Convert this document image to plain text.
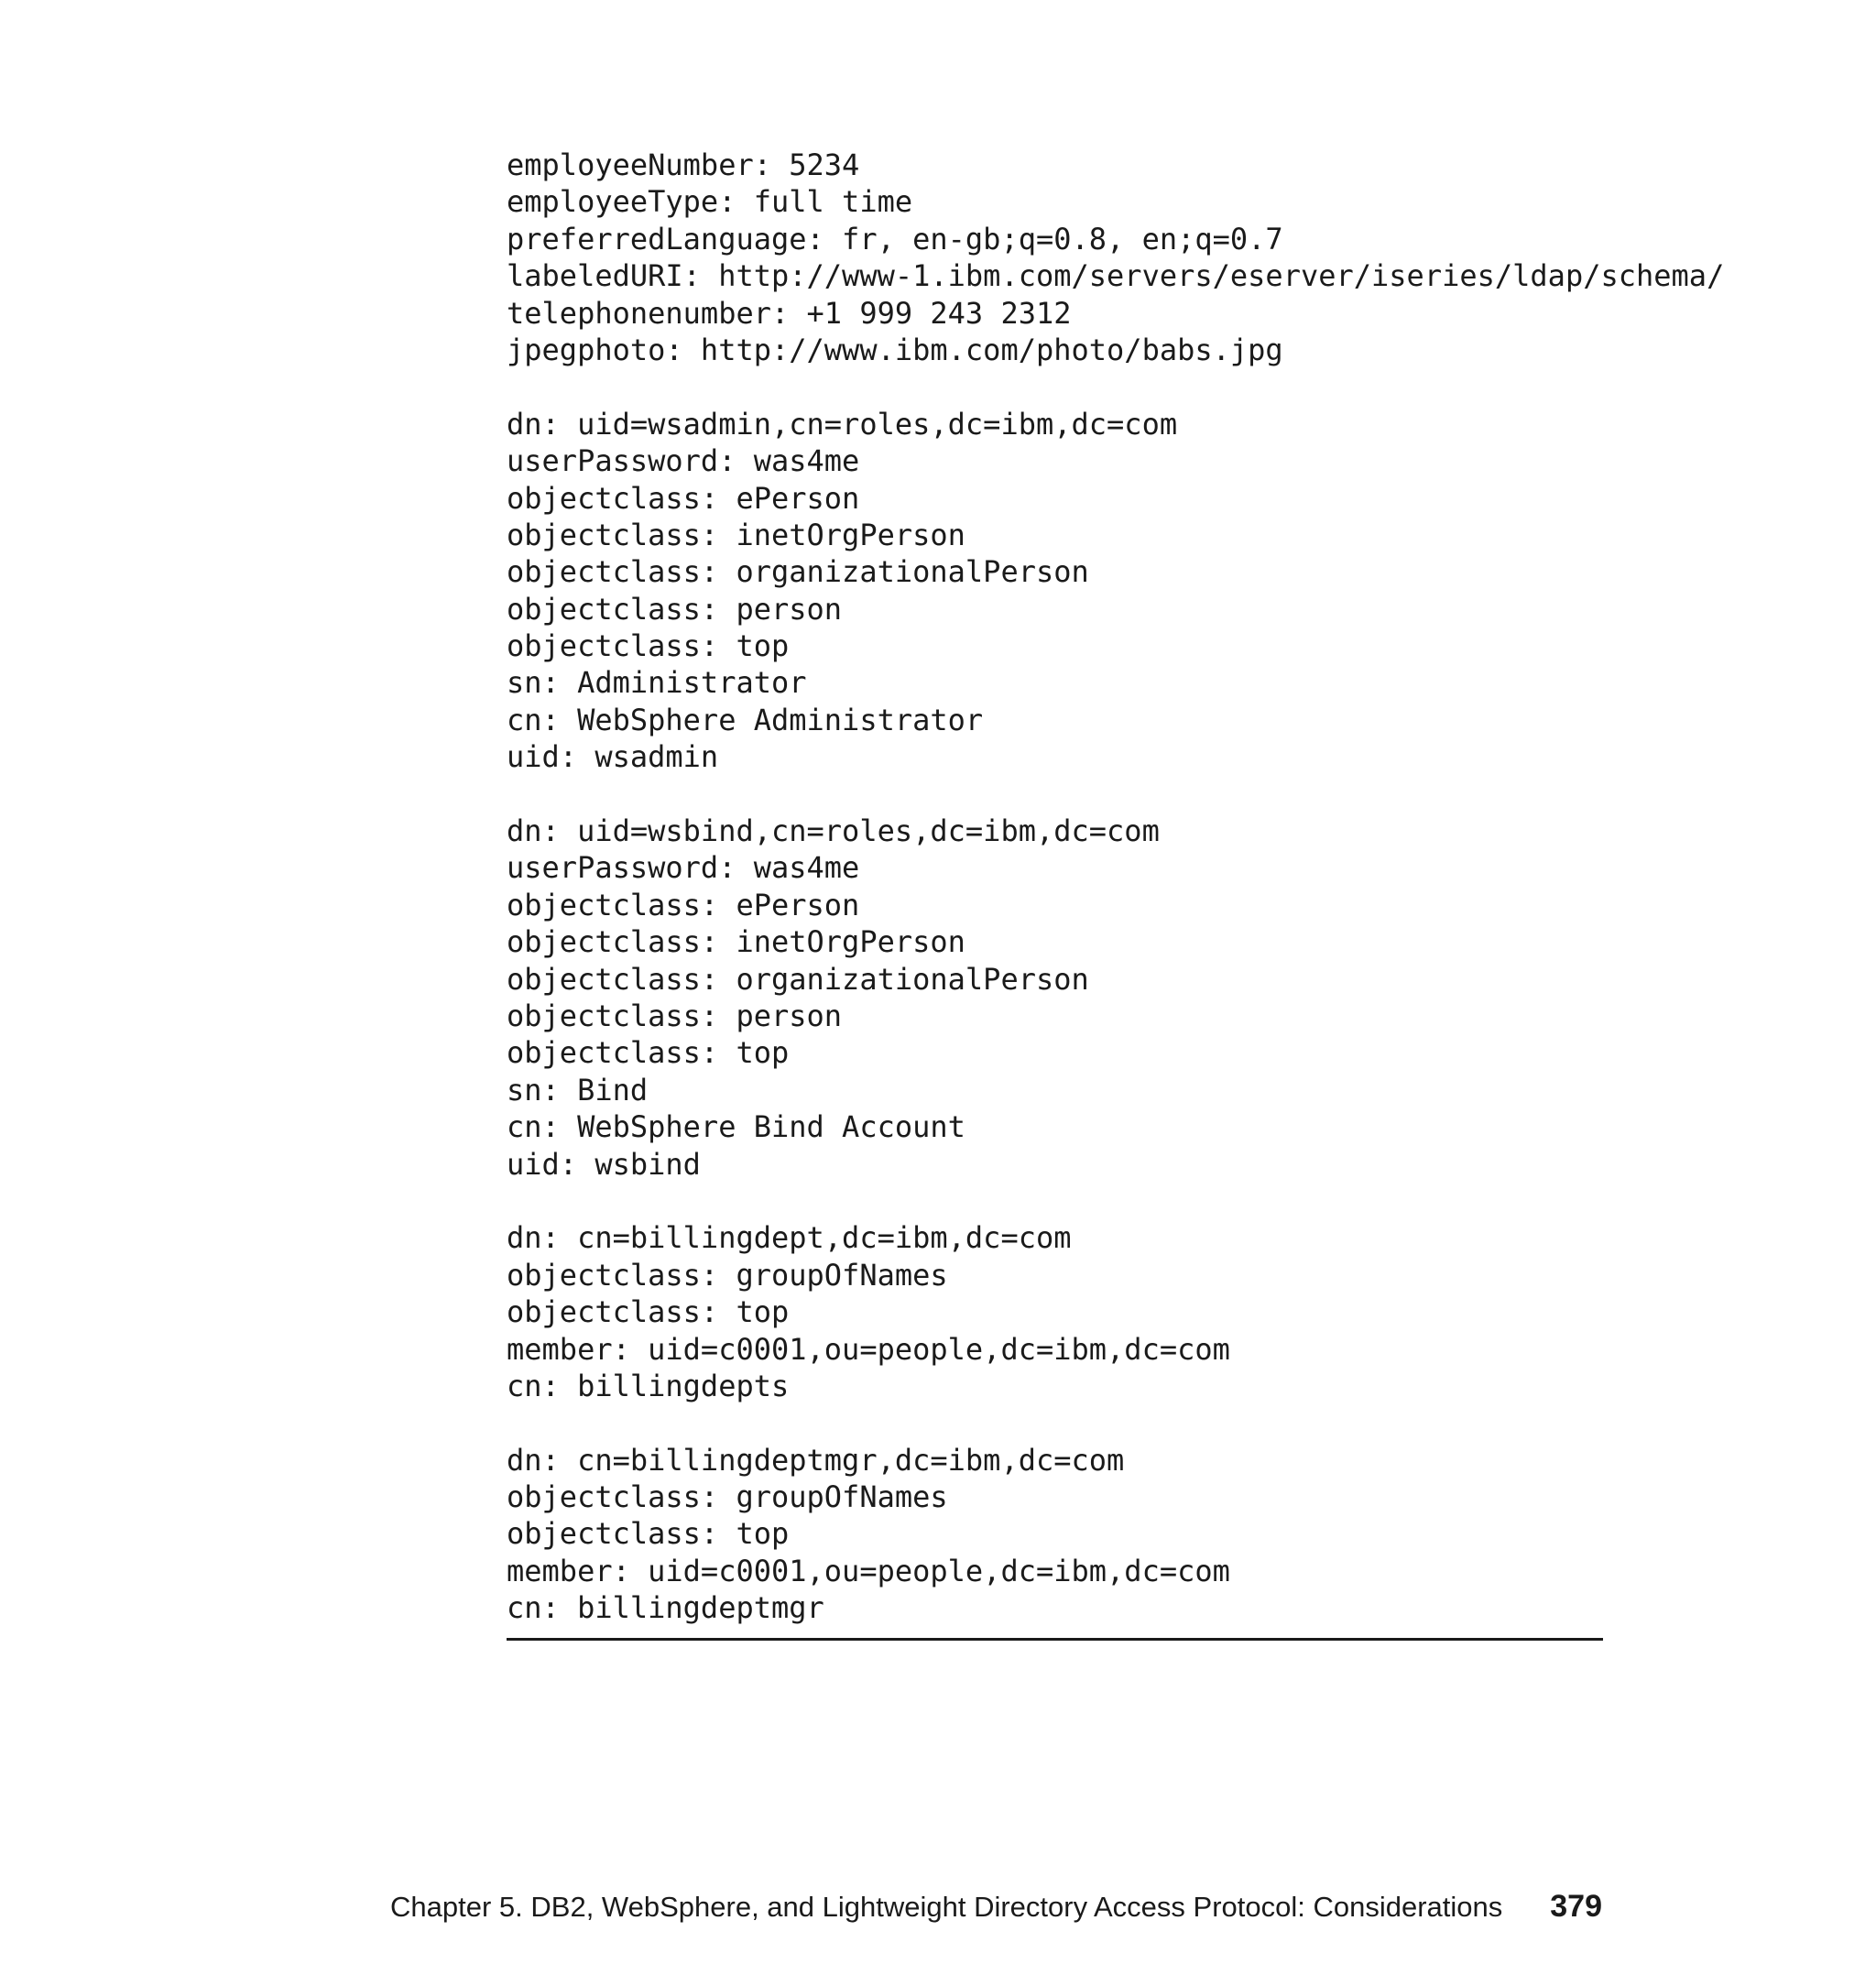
employeeNumber: 5234
employeeType: full time
preferredLanguage: fr, en-gb;q=0.8, en;q=0.7
labeledURI: http://www-1.ibm.com/servers/eserver/iseries/ldap/schema/
telephonenumber: +1 999 243 2312
jpegphoto: http://www.ibm.com/photo/babs.jpg
dn: uid=wsadmin,cn=roles,dc=ibm,dc=com
userPassword: was4me
objectclass: ePerson
objectclass: inetOrgPerson
objectclass: organizationalPerson
objectclass: person
objectclass: top
sn: Administrator
cn: WebSphere Administrator
uid: wsadmin
dn: uid=wsbind,cn=roles,dc=ibm,dc=com
userPassword: was4me
objectclass: ePerson
objectclass: inetOrgPerson
objectclass: organizationalPerson
objectclass: person
objectclass: top
sn: Bind
cn: WebSphere Bind Account
uid: wsbind
dn: cn=billingdept,dc=ibm,dc=com
objectclass: groupOfNames
objectclass: top
member: uid=c0001,ou=people,dc=ibm,dc=com
cn: billingdepts
dn: cn=billingdeptmgr,dc=ibm,dc=com
objectclass: groupOfNames
objectclass: top
member: uid=c0001,ou=people,dc=ibm,dc=com
cn: billingdeptmgr
Chapter 5. DB2, WebSphere, and Lightweight Directory Access Protocol: Considerations 379
